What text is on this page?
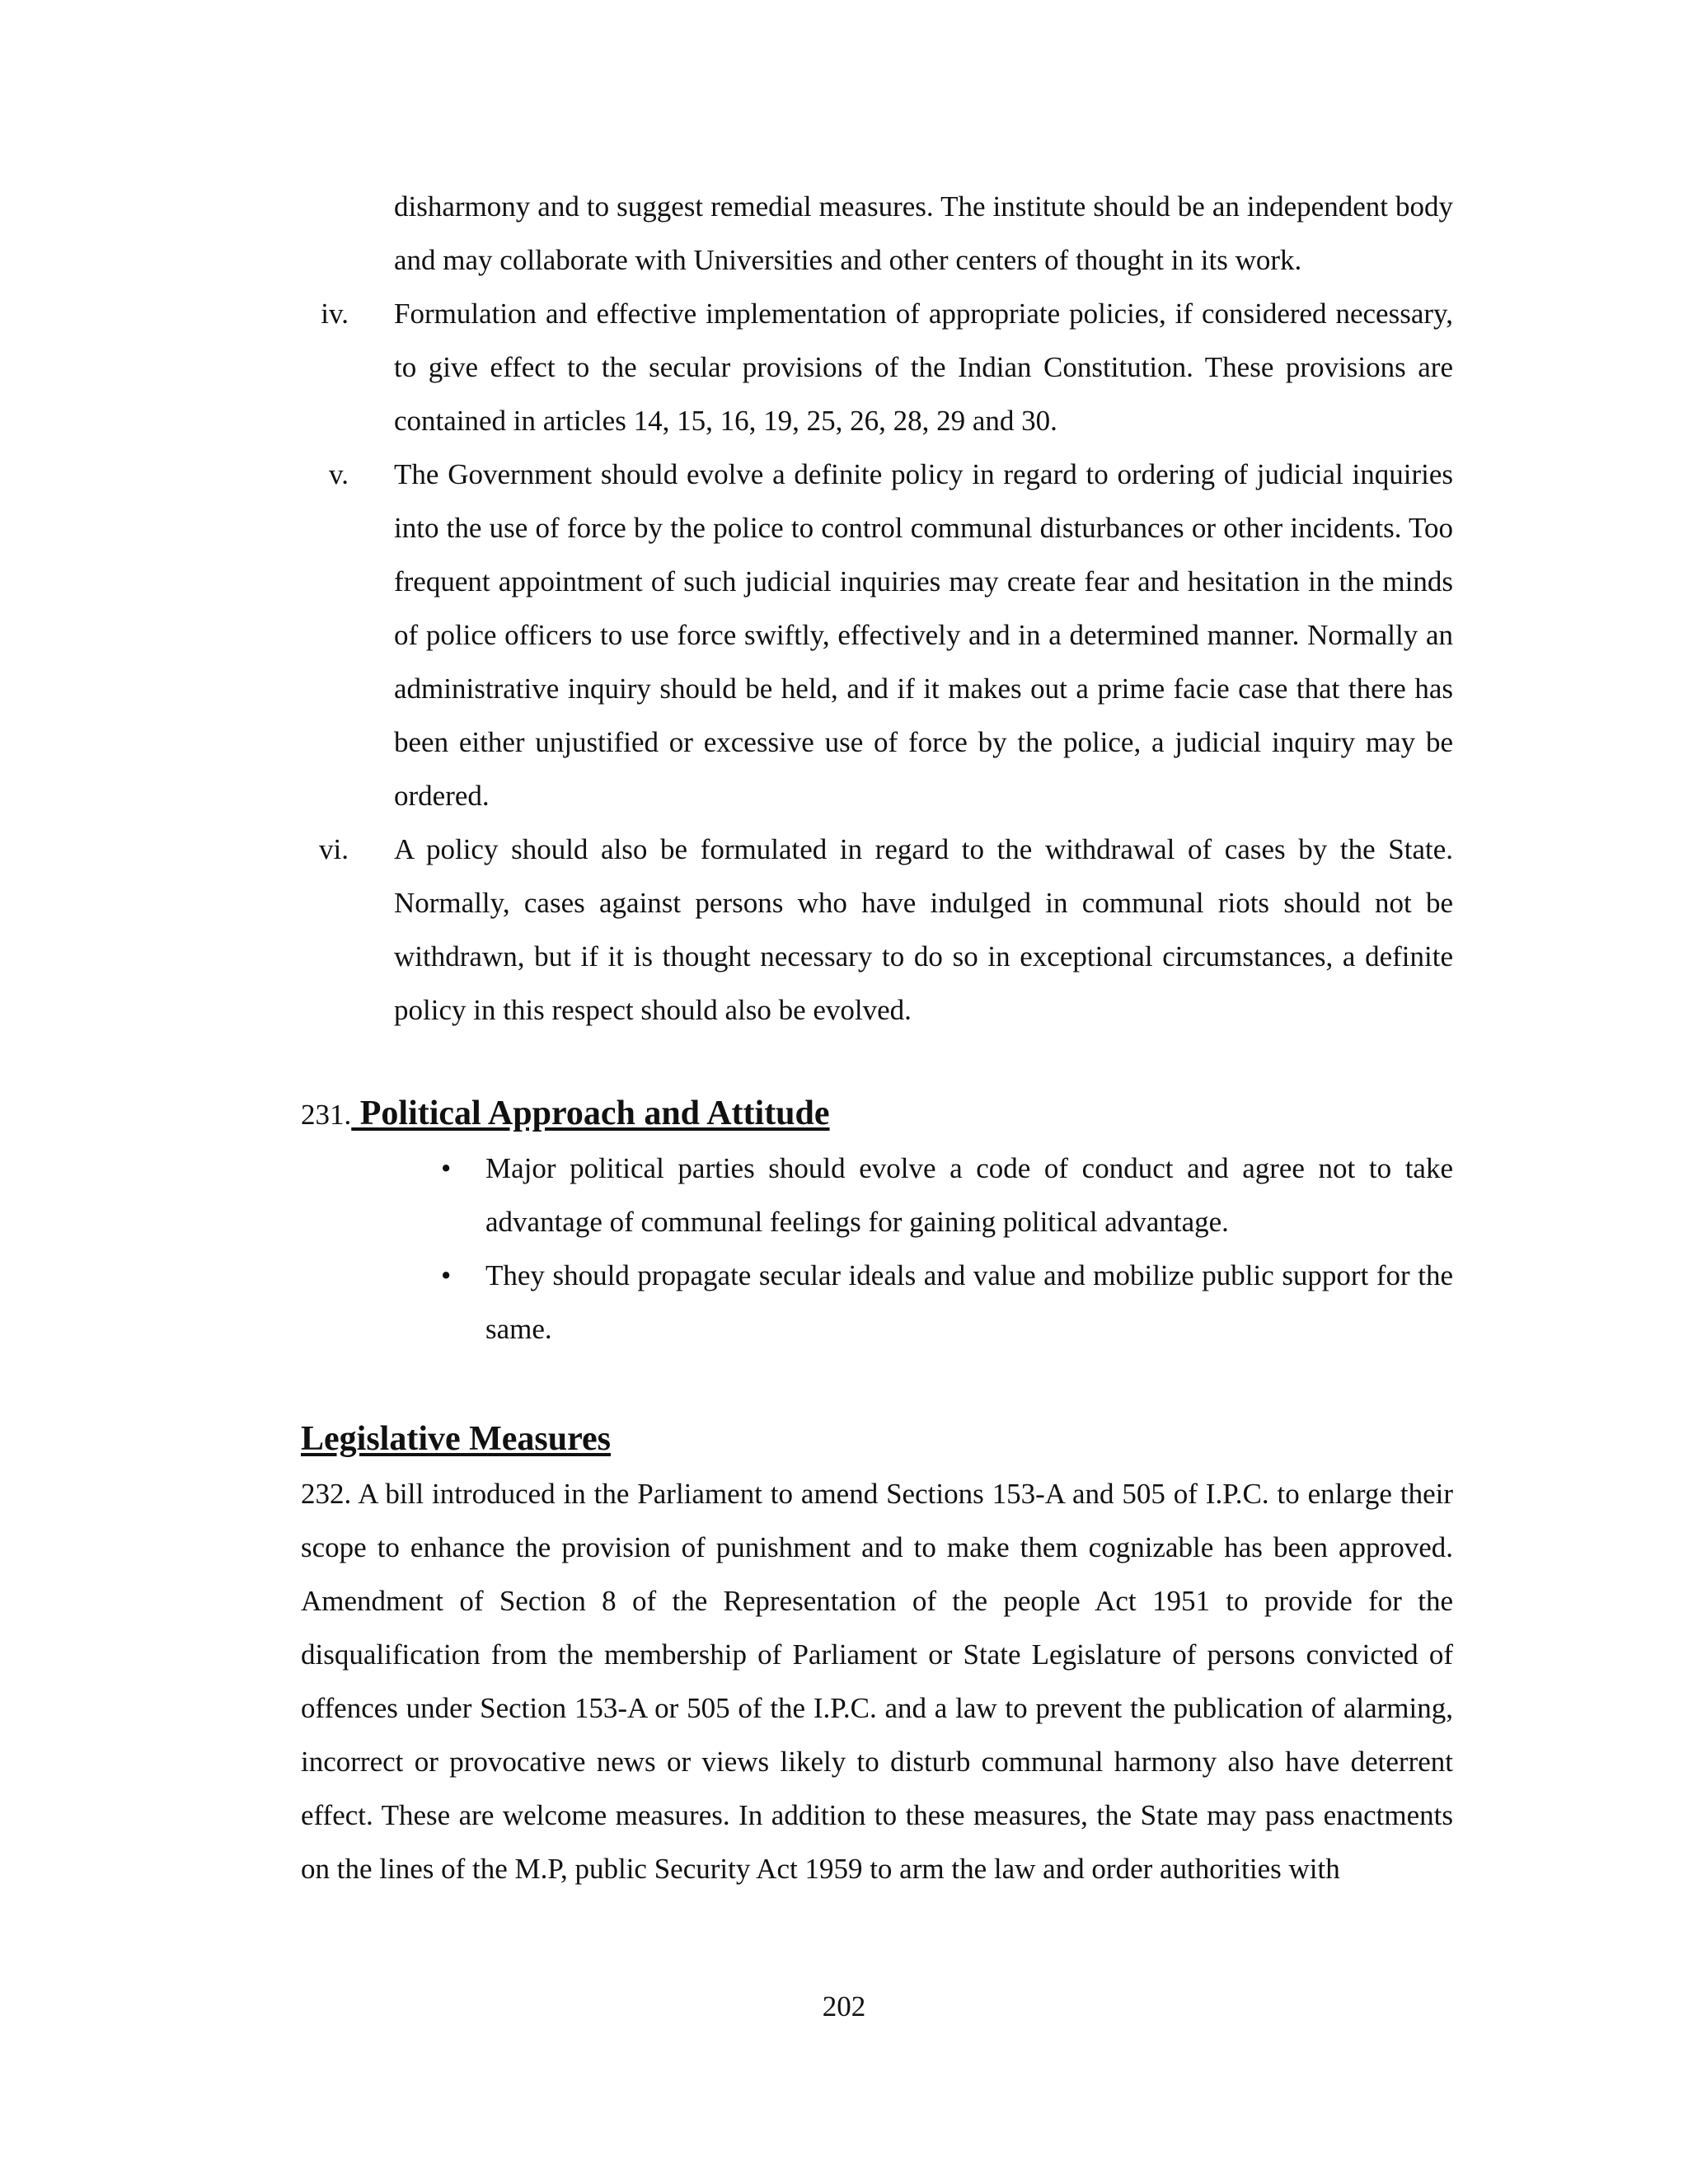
disharmony and to suggest remedial measures. The institute should be an independent body and may collaborate with Universities and other centers of thought in its work.

iv. Formulation and effective implementation of appropriate policies, if considered necessary, to give effect to the secular provisions of the Indian Constitution. These provisions are contained in articles 14, 15, 16, 19, 25, 26, 28, 29 and 30.

v. The Government should evolve a definite policy in regard to ordering of judicial inquiries into the use of force by the police to control communal disturbances or other incidents. Too frequent appointment of such judicial inquiries may create fear and hesitation in the minds of police officers to use force swiftly, effectively and in a determined manner. Normally an administrative inquiry should be held, and if it makes out a prime facie case that there has been either unjustified or excessive use of force by the police, a judicial inquiry may be ordered.

vi. A policy should also be formulated in regard to the withdrawal of cases by the State. Normally, cases against persons who have indulged in communal riots should not be withdrawn, but if it is thought necessary to do so in exceptional circumstances, a definite policy in this respect should also be evolved.

231. Political Approach and Attitude
• Major political parties should evolve a code of conduct and agree not to take advantage of communal feelings for gaining political advantage.

• They should propagate secular ideals and value and mobilize public support for the same.

Legislative Measures

232. A bill introduced in the Parliament to amend Sections 153-A and 505 of I.P.C. to enlarge their scope to enhance the provision of punishment and to make them cognizable has been approved. Amendment of Section 8 of the Representation of the people Act 1951 to provide for the disqualification from the membership of Parliament or State Legislature of persons convicted of offences under Section 153-A or 505 of the I.P.C. and a law to prevent the publication of alarming, incorrect or provocative news or views likely to disturb communal harmony also have deterrent effect. These are welcome measures. In addition to these measures, the State may pass enactments on the lines of the M.P, public Security Act 1959 to arm the law and order authorities with

202
